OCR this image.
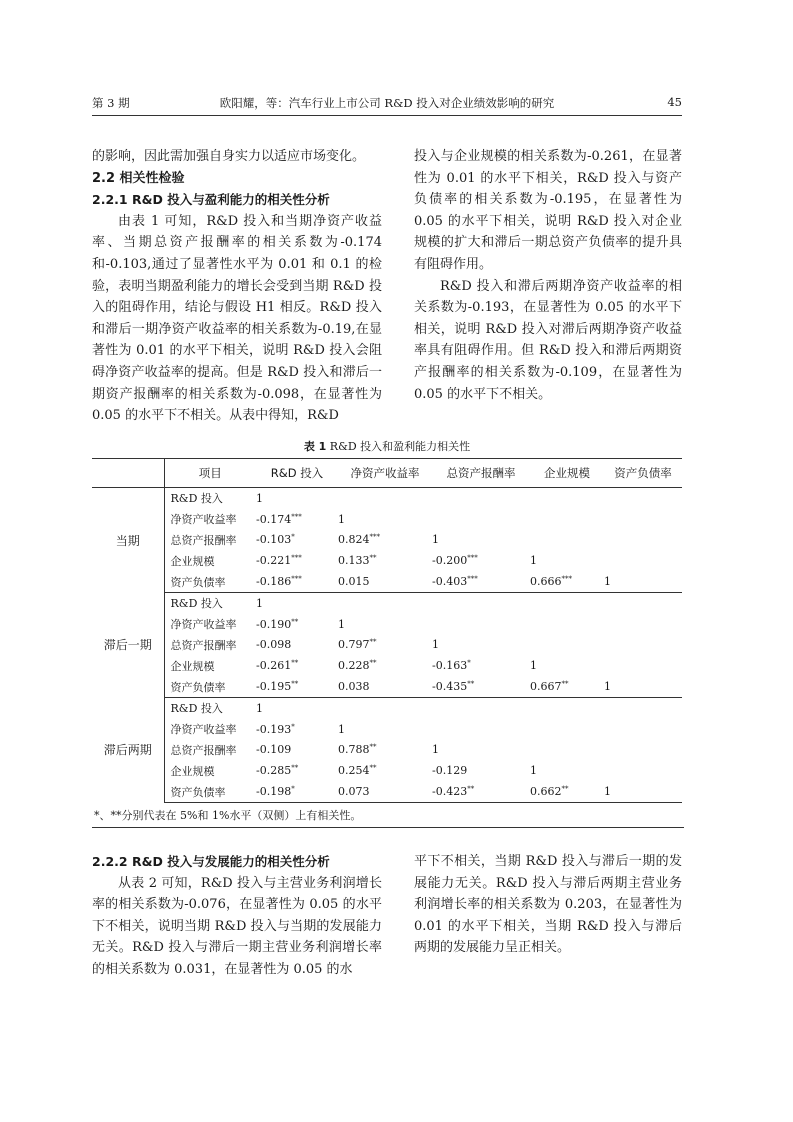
第 3 期	欧阳耀，等：汽车行业上市公司 R&D 投入对企业绩效影响的研究	45

的影响，因此需加强自身实力以适应市场变化。

2.2 相关性检验
2.2.1 R&D 投入与盈利能力的相关性分析

由表 1 可知，R&D 投入和当期净资产收益率、当期总资产报酬率的相关系数为-0.174 和-0.103,通过了显著性水平为 0.01 和 0.1 的检验，表明当期盈利能力的增长会受到当期 R&D 投入的阻碍作用，结论与假设 H1 相反。R&D 投入和滞后一期净资产收益率的相关系数为-0.19,在显著性为 0.01 的水平下相关，说明 R&D 投入会阻碍净资产收益率的提高。但是 R&D 投入和滞后一期资产报酬率的相关系数为-0.098，在显著性为 0.05 的水平下不相关。从表中得知，R&D

投入与企业规模的相关系数为-0.261，在显著性为 0.01 的水平下相关，R&D 投入与资产负债率的相关系数为-0.195，在显著性为 0.05 的水平下相关，说明 R&D 投入对企业规模的扩大和滞后一期总资产负债率的提升具有阻碍作用。

R&D 投入和滞后两期净资产收益率的相关系数为-0.193，在显著性为 0.05 的水平下相关，说明 R&D 投入对滞后两期净资产收益率具有阻碍作用。但 R&D 投入和滞后两期资产报酬率的相关系数为-0.109，在显著性为 0.05 的水平下不相关。

表 1 R&D 投入和盈利能力相关性
	项目	R&D 投入	净资产收益率	总资产报酬率	企业规模	资产负债率
当期	R&D 投入	1				
	净资产收益率	-0.174***	1			
	总资产报酬率	-0.103*	0.824***	1		
	企业规模	-0.221***	0.133**	-0.200***	1	
	资产负债率	-0.186***	0.015	-0.403***	0.666***	1
滞后一期	R&D 投入	1				
	净资产收益率	-0.190**	1			
	总资产报酬率	-0.098	0.797**	1		
	企业规模	-0.261**	0.228**	-0.163*	1	
	资产负债率	-0.195**	0.038	-0.435**	0.667**	1
滞后两期	R&D 投入	1				
	净资产收益率	-0.193*	1			
	总资产报酬率	-0.109	0.788**	1		
	企业规模	-0.285**	0.254**	-0.129	1	
	资产负债率	-0.198*	0.073	-0.423**	0.662**	1
*、**分别代表在 5%和 1%水平（双侧）上有相关性。
2.2.2 R&D 投入与发展能力的相关性分析

从表 2 可知，R&D 投入与主营业务利润增长率的相关系数为-0.076，在显著性为 0.05 的水平下不相关，说明当期 R&D 投入与当期的发展能力无关。R&D 投入与滞后一期主营业务利润增长率的相关系数为 0.031，在显著性为 0.05 的水

平下不相关，当期 R&D 投入与滞后一期的发展能力无关。R&D 投入与滞后两期主营业务利润增长率的相关系数为 0.203，在显著性为 0.01 的水平下相关，当期 R&D 投入与滞后两期的发展能力呈正相关。
